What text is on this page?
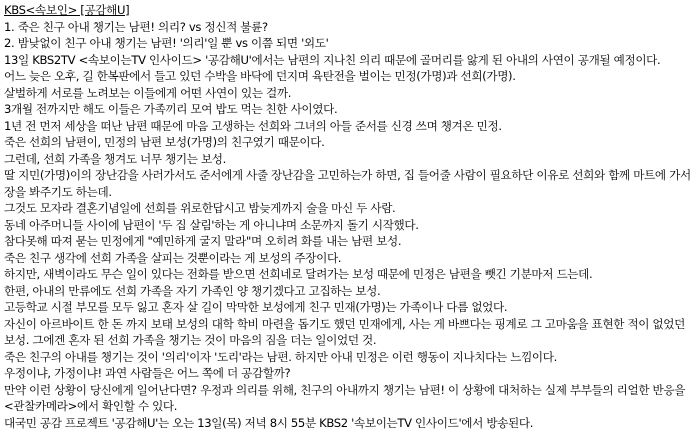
KBS<속보인> [공감해U]

1. 죽은 친구 아내 챙기는 남편! 의리? vs 정신적 불륜?

2. 밤낮없이 친구 아내 챙기는 남편! '의리'일 뿐 vs 이쯤 되면 '외도'

13일 KBS2TV <속보이는TV 인사이드> '공감해U'에서는 남편의 지나친 의리 때문에 골머리를 앓게 된 아내의 사연이 공개될 예정이다.

어느 늦은 오후, 길 한복판에서 들고 있던 수박을 바닥에 던지며 육탄전을 벌이는 민정(가명)과 선희(가명).

살벌하게 서로를 노려보는 이들에게 어떤 사연이 있는 걸까.

3개월 전까지만 해도 이들은 가족끼리 모여 밥도 먹는 친한 사이였다.

1년 전 먼저 세상을 떠난 남편 때문에 마음 고생하는 선희와 그녀의 아들 준서를 신경 쓰며 챙겨온 민정.

죽은 선희의 남편이, 민정의 남편 보성(가명)의 친구였기 때문이다.

그런데, 선희 가족을 챙겨도 너무 챙기는 보성.

딸 지민(가명)이의 장난감을 사러가서도 준서에게 사줄 장난감을 고민하는가 하면, 집 들어줄 사람이 필요하단 이유로 선희와 함께 마트에 가서 장을 봐주기도 하는데.

그것도 모자라 결혼기념일에 선희를 위로한답시고 밤늦게까지 술을 마신 두 사람.

동네 아주머니들 사이에 남편이 '두 집 살림'하는 게 아니냐며 소문까지 돌기 시작했다.

참다못해 따져 묻는 민정에게 "예민하게 굴지 말라"며 오히려 화를 내는 남편 보성.

죽은 친구 생각에 선희 가족을 살피는 것뿐이라는 게 보성의 주장이다.

하지만, 새벽이라도 무슨 일이 있다는 전화를 받으면 선희네로 달려가는 보성 때문에 민정은 남편을 뺏긴 기분마저 드는데.

한편, 아내의 만류에도 선희 가족을 자기 가족인 양 챙기겠다고 고집하는 보성.

고등학교 시절 부모를 모두 잃고 혼자 살 길이 막막한 보성에게 친구 민재(가명)는 가족이나 다름 없었다.

자신이 아르바이트 한 돈 까지 보태 보성의 대학 학비 마련을 돕기도 했던 민재에게, 사는 게 바쁘다는 핑계로 그 고마움을 표현한 적이 없었던 보성. 그에겐 혼자 된 선희 가족을 챙기는 것이 마음의 짐을 더는 일이었던 것.

죽은 친구의 아내를 챙기는 것이 '의리'이자 '도리'라는 남편. 하지만 아내 민정은 이런 행동이 지나치다는 느낌이다.

우정이냐, 가정이냐! 과연 사람들은 어느 쪽에 더 공감할까?

만약 이런 상황이 당신에게 일어난다면? 우정과 의리를 위해, 친구의 아내까지 챙기는 남편! 이 상황에 대처하는 실제 부부들의 리얼한 반응을 <관찰카메라>에서 확인할 수 있다.

대국민 공감 프로젝트 '공감해U'는 오는 13일(목) 저녁 8시 55분 KBS2 '속보이는TV 인사이드'에서 방송된다.
